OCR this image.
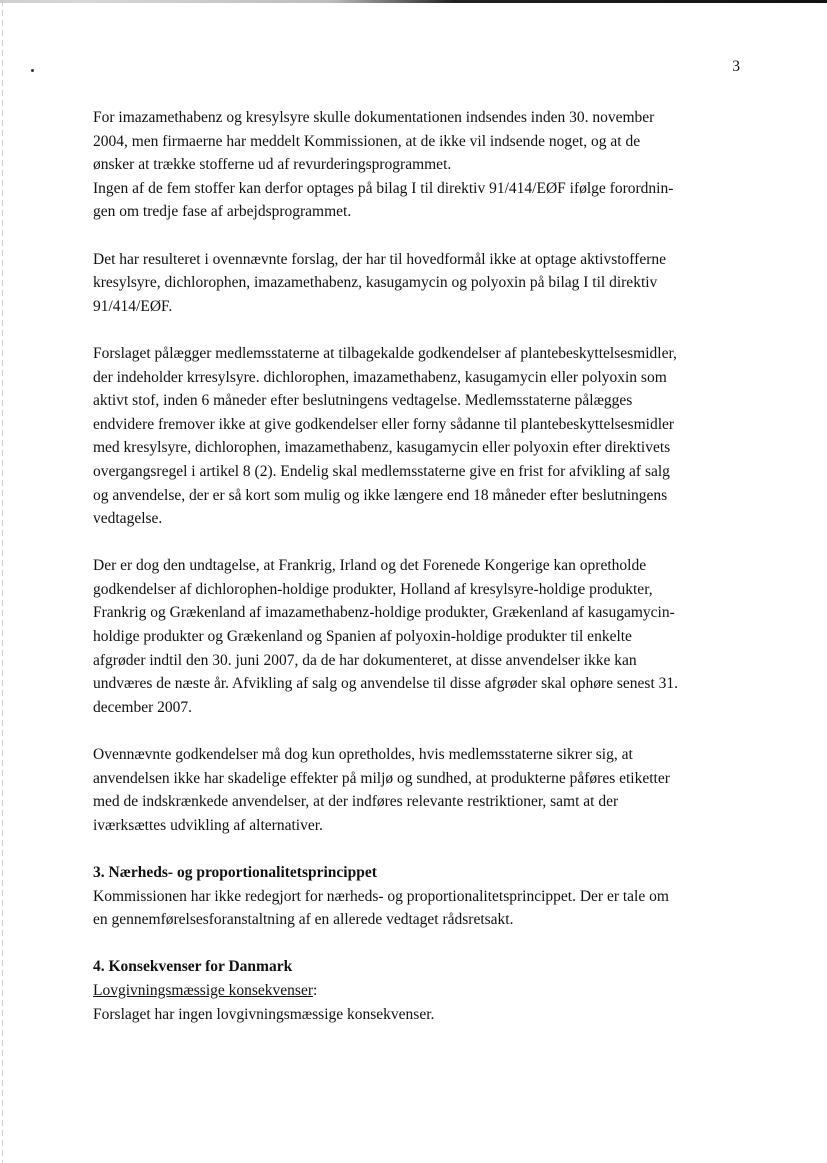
3

For imazamethabenz og kresylsyre skulle dokumentationen indsendes inden 30. november
2004, men firmaerne har meddelt Kommissionen, at de ikke vil indsende noget, og at de
ønsker at trække stofferne ud af revurderingsprogrammet.
Ingen af de fem stoffer kan derfor optages på bilag I til direktiv 91/414/EØF ifølge forordnin-
gen om tredje fase af arbejdsprogrammet.

Det har resulteret i ovennævnte forslag, der har til hovedformål ikke at optage aktivstofferne
kresylsyre, dichlorophen, imazamethabenz, kasugamycin og polyoxin på bilag I til direktiv
91/414/EØF.

Forslaget pålægger medlemsstaterne at tilbagekalde godkendelser af plantebeskyttelsesmidler,
der indeholder krresylsyre. dichlorophen, imazamethabenz, kasugamycin eller polyoxin som
aktivt stof, inden 6 måneder efter beslutningens vedtagelse. Medlemsstaterne pålægges
endvidere fremover ikke at give godkendelser eller forny sådanne til plantebeskyttelsesmidler
med kresylsyre, dichlorophen, imazamethabenz, kasugamycin eller polyoxin efter direktivets
overgangsregel i artikel 8 (2). Endelig skal medlemsstaterne give en frist for afvikling af salg
og anvendelse, der er så kort som mulig og ikke længere end 18 måneder efter beslutningens
vedtagelse.

Der er dog den undtagelse, at Frankrig, Irland og det Forenede Kongerige kan opretholde
godkendelser af dichlorophen-holdige produkter, Holland af kresylsyre-holdige produkter,
Frankrig og Grækenland af imazamethabenz-holdige produkter, Grækenland af kasugamycin-
holdige produkter og Grækenland og Spanien af polyoxin-holdige produkter til enkelte
afgrøder indtil den 30. juni 2007, da de har dokumenteret, at disse anvendelser ikke kan
undværes de næste år. Afvikling af salg og anvendelse til disse afgrøder skal ophøre senest 31.
december 2007.

Ovennævnte godkendelser må dog kun opretholdes, hvis medlemsstaterne sikrer sig, at
anvendelsen ikke har skadelige effekter på miljø og sundhed, at produkterne påføres etiketter
med de indskrænkede anvendelser, at der indføres relevante restriktioner, samt at der
iværksættes udvikling af alternativer.

3. Nærheds- og proportionalitetsprincippet

Kommissionen har ikke redegjort for nærheds- og proportionalitetsprincippet. Der er tale om
en gennemførelsesforanstaltning af en allerede vedtaget rådsretsakt.

4. Konsekvenser for Danmark

Lovgivningsmæssige konsekvenser:

Forslaget har ingen lovgivningsmæssige konsekvenser.
